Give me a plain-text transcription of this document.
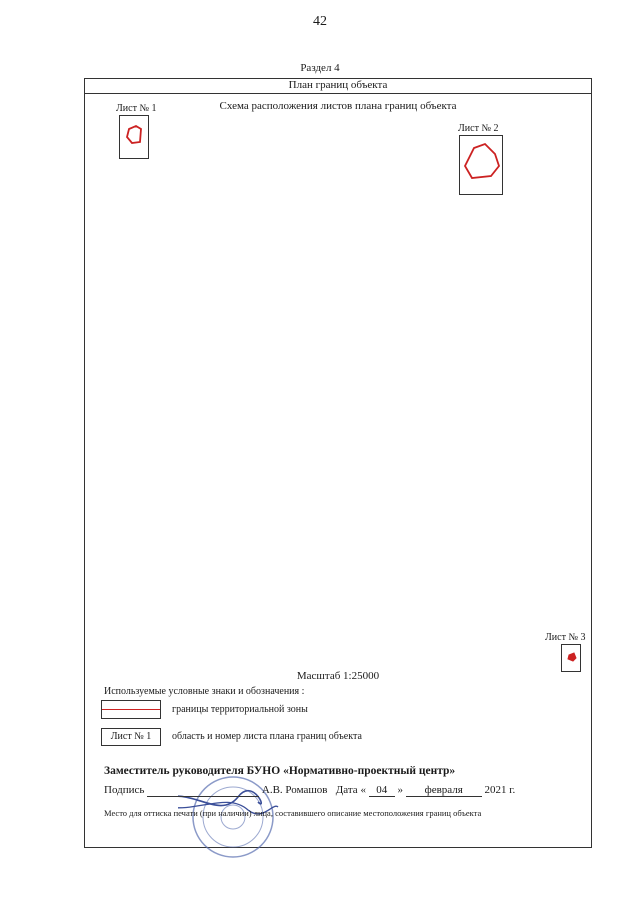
42
Раздел 4
План границ объекта
Схема расположения листов плана границ объекта
Лист № 1
Лист № 2
Лист № 3
Масштаб 1:25000
Используемые условные знаки и обозначения :
границы территориальной зоны
Лист № 1	область и номер листа плана границ объекта
Заместитель руководителя БУНО «Нормативно-проектный центр»
Подпись	А.В. Ромашов Дата « 04 » февраля 2021 г.
Место для оттиска печати (при наличии) лица, составившего описание местоположения границ объекта
